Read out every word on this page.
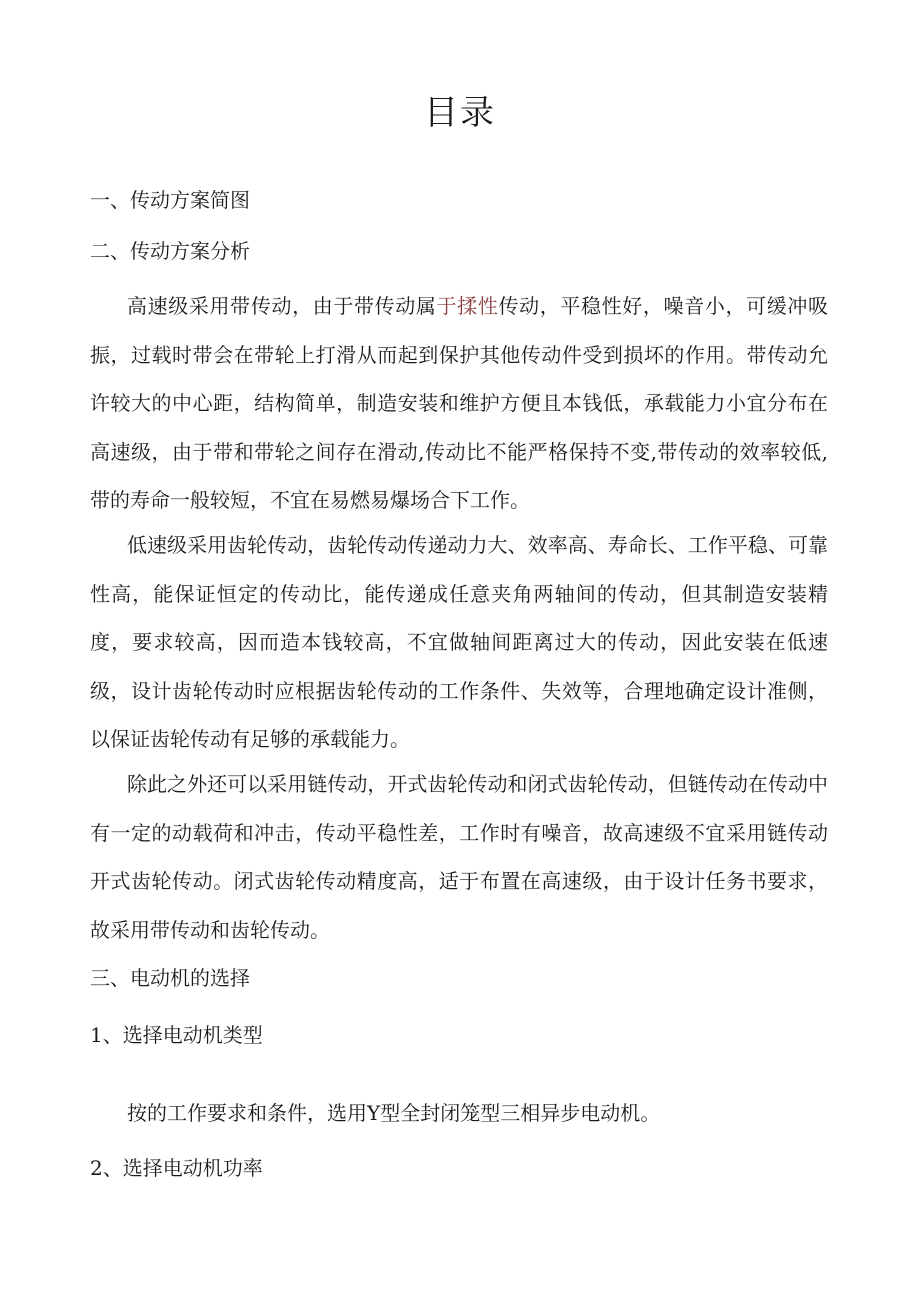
目录
一、传动方案简图
二、传动方案分析
高速级采用带传动，由于带传动属于揉性传动，平稳性好，噪音小，可缓冲吸振，过载时带会在带轮上打滑从而起到保护其他传动件受到损坏的作用。带传动允许较大的中心距，结构简单，制造安装和维护方便且本钱低，承载能力小宜分布在高速级，由于带和带轮之间存在滑动,传动比不能严格保持不变,带传动的效率较低,带的寿命一般较短，不宜在易燃易爆场合下工作。
低速级采用齿轮传动，齿轮传动传递动力大、效率高、寿命长、工作平稳、可靠性高，能保证恒定的传动比，能传递成任意夹角两轴间的传动，但其制造安装精度，要求较高，因而造本钱较高，不宜做轴间距离过大的传动，因此安装在低速级，设计齿轮传动时应根据齿轮传动的工作条件、失效等，合理地确定设计准侧，以保证齿轮传动有足够的承载能力。
除此之外还可以采用链传动，开式齿轮传动和闭式齿轮传动，但链传动在传动中有一定的动载荷和冲击，传动平稳性差，工作时有噪音，故高速级不宜采用链传动开式齿轮传动。闭式齿轮传动精度高，适于布置在高速级，由于设计任务书要求，故采用带传动和齿轮传动。
三、电动机的选择
1、选择电动机类型
按的工作要求和条件，选用Y型全封闭笼型三相异步电动机。
2、选择电动机功率
